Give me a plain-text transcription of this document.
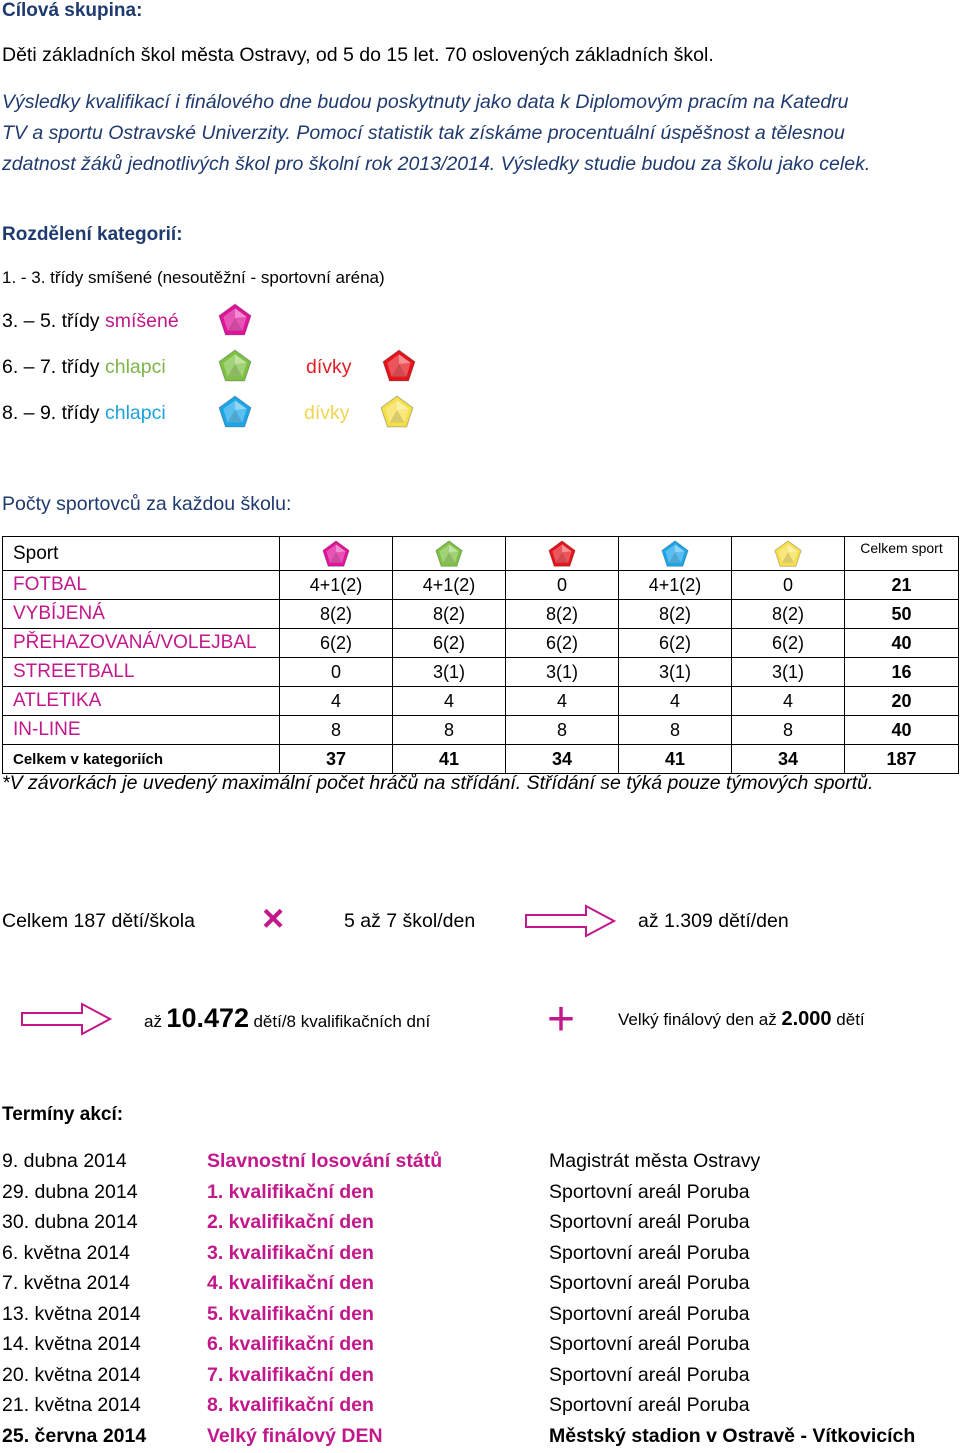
Cílová skupina:
Děti základních škol města Ostravy, od 5 do 15 let. 70 oslovených základních škol.
Výsledky kvalifikací i finálového dne budou poskytnuty jako data k Diplomovým pracím na Katedru
TV a sportu Ostravské Univerzity. Pomocí statistik tak získáme procentuální úspěšnost a tělesnou
zdatnost žáků jednotlivých škol pro školní rok 2013/2014. Výsledky studie budou za školu jako celek.
Rozdělení kategorií:
1. - 3. třídy smíšené (nesoutěžní - sportovní aréna)
3. – 5. třídy smíšené
6. – 7. třídy chlapci	dívky
8. – 9. třídy chlapci	dívky
Počty sportovců za každou školu:
Sport						Celkem sport
FOTBAL	4+1(2)	4+1(2)	0	4+1(2)	0	21
VYBÍJENÁ	8(2)	8(2)	8(2)	8(2)	8(2)	50
PŘEHAZOVANÁ/VOLEJBAL	6(2)	6(2)	6(2)	6(2)	6(2)	40
STREETBALL	0	3(1)	3(1)	3(1)	3(1)	16
ATLETIKA	4	4	4	4	4	20
IN-LINE	8	8	8	8	8	40
Celkem v kategoriích	37	41	34	41	34	187
*V závorkách je uvedený maximální počet hráčů na střídání. Střídání se týká pouze týmových sportů.
Celkem 187 dětí/škola ×	5 až 7 škol/den	až 1.309 dětí/den
až 10.472 dětí/8 kvalifikačních dní +	Velký finálový den až 2.000 dětí
Termíny akcí:
9. dubna 2014	Slavnostní losování států	Magistrát města Ostravy
29. dubna 2014	1. kvalifikační den	Sportovní areál Poruba
30. dubna 2014	2. kvalifikační den	Sportovní areál Poruba
6. května 2014	3. kvalifikační den	Sportovní areál Poruba
7. května 2014	4. kvalifikační den	Sportovní areál Poruba
13. května 2014	5. kvalifikační den	Sportovní areál Poruba
14. května 2014	6. kvalifikační den	Sportovní areál Poruba
20. května 2014	7. kvalifikační den	Sportovní areál Poruba
21. května 2014	8. kvalifikační den	Sportovní areál Poruba
25. června 2014	Velký finálový DEN	Městský stadion v Ostravě - Vítkovicích
